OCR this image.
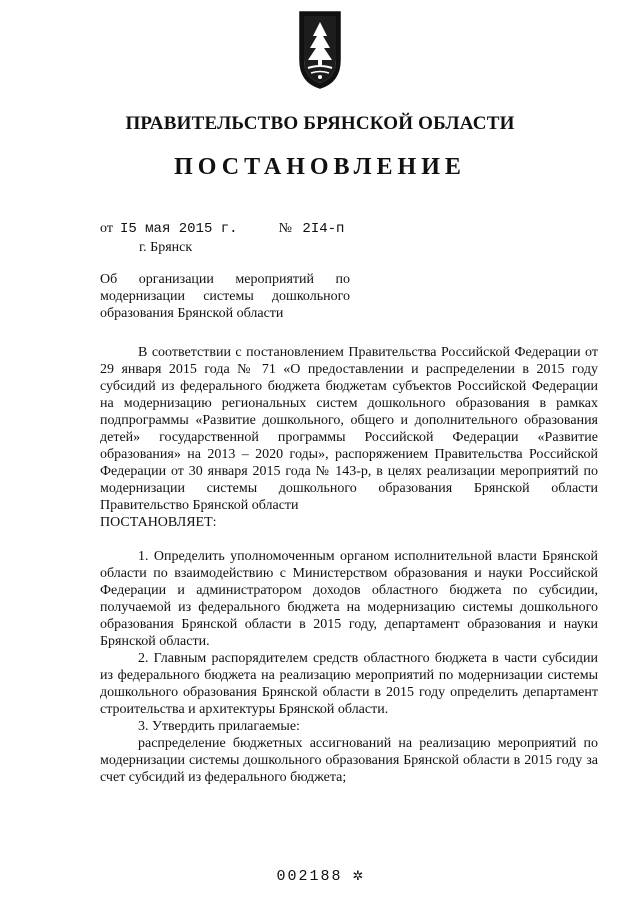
ПРАВИТЕЛЬСТВО БРЯНСКОЙ ОБЛАСТИ
ПОСТАНОВЛЕНИЕ
от I5 мая 2015 г.	№ 2I4-п
г. Брянск
Об организации мероприятий по модернизации системы дошкольного образования Брянской области

В соответствии с постановлением Правительства Российской Федерации от 29 января 2015 года № 71 «О предоставлении и распределении в 2015 году субсидий из федерального бюджета бюджетам субъектов Российской Федерации на модернизацию региональных систем дошкольного образования в рамках подпрограммы «Развитие дошкольного, общего и дополнительного образования детей» государственной программы Российской Федерации «Развитие образования» на 2013 – 2020 годы», распоряжением Правительства Российской Федерации от 30 января 2015 года № 143-р, в целях реализации мероприятий по модернизации системы дошкольного образования Брянской области Правительство Брянской области

ПОСТАНОВЛЯЕТ:

1. Определить уполномоченным органом исполнительной власти Брянской области по взаимодействию с Министерством образования и науки Российской Федерации и администратором доходов областного бюджета по субсидии, получаемой из федерального бюджета на модернизацию системы дошкольного образования Брянской области в 2015 году, департамент образования и науки Брянской области.

2. Главным распорядителем средств областного бюджета в части субсидии из федерального бюджета на реализацию мероприятий по модернизации системы дошкольного образования Брянской области в 2015 году определить департамент строительства и архитектуры Брянской области.

3. Утвердить прилагаемые:

распределение бюджетных ассигнований на реализацию мероприятий по модернизации системы дошкольного образования Брянской области в 2015 году за счет субсидий из федерального бюджета;

002188 ✲
